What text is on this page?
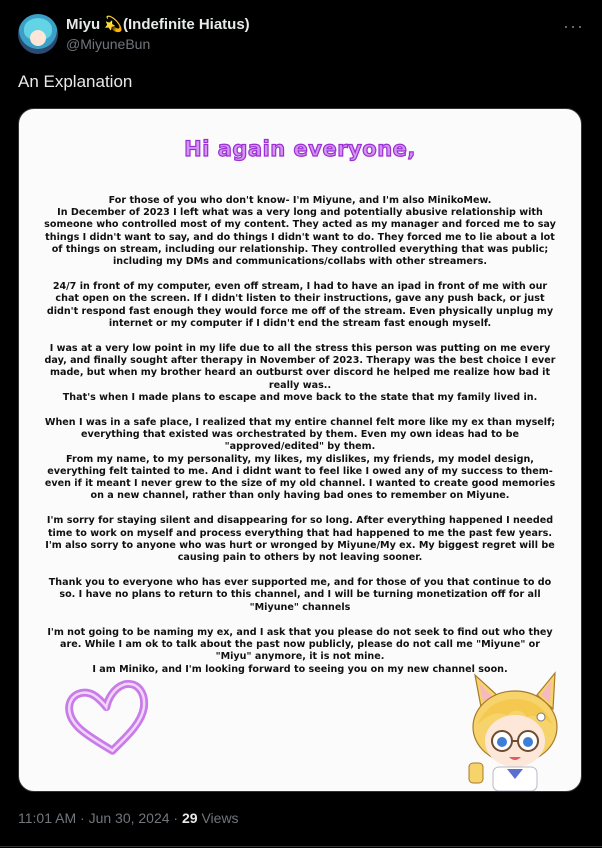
Miyu 💫(Indefinite Hiatus)
@MiyuneBun
···
An Explanation
Hi again everyone,

For those of you who don't know- I'm Miyune, and I'm also MinikoMew.
In December of 2023 I left what was a very long and potentially abusive relationship with someone who controlled most of my content. They acted as my manager and forced me to say things I didn't want to say, and do things I didn't want to do. They forced me to lie about a lot of things on stream, including our relationship. They controlled everything that was public; including my DMs and communications/collabs with other streamers.

24/7 in front of my computer, even off stream, I had to have an ipad in front of me with our chat open on the screen. If I didn't listen to their instructions, gave any push back, or just didn't respond fast enough they would force me off of the stream. Even physically unplug my internet or my computer if I didn't end the stream fast enough myself.

I was at a very low point in my life due to all the stress this person was putting on me every day, and finally sought after therapy in November of 2023. Therapy was the best choice I ever made, but when my brother heard an outburst over discord he helped me realize how bad it really was..
That's when I made plans to escape and move back to the state that my family lived in.

When I was in a safe place, I realized that my entire channel felt more like my ex than myself; everything that existed was orchestrated by them. Even my own ideas had to be "approved/edited" by them.
From my name, to my personality, my likes, my dislikes, my friends, my model design, everything felt tainted to me. And i didnt want to feel like I owed any of my success to them- even if it meant I never grew to the size of my old channel. I wanted to create good memories on a new channel, rather than only having bad ones to remember on Miyune.

I'm sorry for staying silent and disappearing for so long. After everything happened I needed time to work on myself and process everything that had happened to me the past few years.
I'm also sorry to anyone who was hurt or wronged by Miyune/My ex. My biggest regret will be causing pain to others by not leaving sooner.

Thank you to everyone who has ever supported me, and for those of you that continue to do so. I have no plans to return to this channel, and I will be turning monetization off for all "Miyune" channels

I'm not going to be naming my ex, and I ask that you please do not seek to find out who they are. While I am ok to talk about the past now publicly, please do not call me "Miyune" or "Miyu" anymore, it is not mine.
I am Miniko, and I'm looking forward to seeing you on my new channel soon.

11:01 AM · Jun 30, 2024 · 29 Views
